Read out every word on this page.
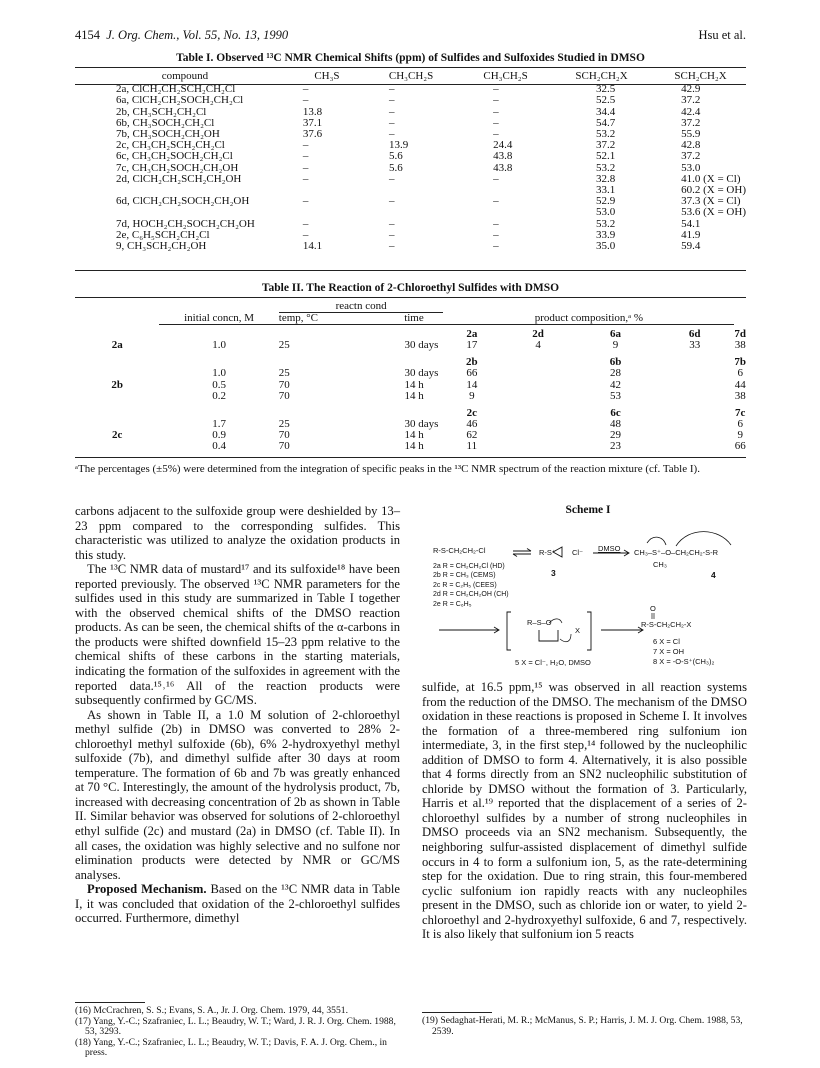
4154 J. Org. Chem., Vol. 55, No. 13, 1990	Hsu et al.
Table I. Observed ¹³C NMR Chemical Shifts (ppm) of Sulfides and Sulfoxides Studied in DMSO
compound	CH₃S	CH₃CH₂S	CH₃CH₂S	SCH₂CH₂X	SCH₂CH₂X
2a, ClCH₂CH₂SCH₂CH₂Cl	–	–	–	32.5	42.9
6a, ClCH₂CH₂SOCH₂CH₂Cl	–	–	–	52.5	37.2
2b, CH₃SCH₂CH₂Cl	13.8	–	–	34.4	42.4
6b, CH₃SOCH₂CH₂Cl	37.1	–	–	54.7	37.2
7b, CH₃SOCH₂CH₂OH	37.6	–	–	53.2	55.9
2c, CH₃CH₂SCH₂CH₂Cl	–	13.9	24.4	37.2	42.8
6c, CH₃CH₂SOCH₂CH₂Cl	–	5.6	43.8	52.1	37.2
7c, CH₃CH₂SOCH₂CH₂OH	–	5.6	43.8	53.2	53.0
2d, ClCH₂CH₂SCH₂CH₂OH	–	–	–	32.8	41.0 (X = Cl)
				33.1	60.2 (X = OH)
6d, ClCH₂CH₂SOCH₂CH₂OH	–	–	–	52.9	37.3 (X = Cl)
				53.0	53.6 (X = OH)
7d, HOCH₂CH₂SOCH₂CH₂OH	–	–	–	53.2	54.1
2e, C₆H₅SCH₂CH₂Cl	–	–	–	33.9	41.9
9, CH₃SCH₂CH₂OH	14.1	–	–	35.0	59.4
Table II. The Reaction of 2-Chloroethyl Sulfides with DMSO
		reactn cond						
	initial concn, M	temp, °C	time	product composition,ᵃ %				
				2a	2d	6a	6d	7d
2a	1.0	25	30 days	17	4	9	33	38
				2b		6b		7b
	1.0	25	30 days	66		28		6
2b	0.5	70	14 h	14		42		44
	0.2	70	14 h	9		53		38
				2c		6c		7c
	1.7	25	30 days	46		48		6
2c	0.9	70	14 h	62		29		9
	0.4	70	14 h	11		23		66
ᵃThe percentages (±5%) were determined from the integration of specific peaks in the ¹³C NMR spectrum of the reaction mixture (cf. Table I).

carbons adjacent to the sulfoxide group were deshielded by 13–23 ppm compared to the corresponding sulfides. This characteristic was utilized to analyze the oxidation products in this study.

The ¹³C NMR data of mustard¹⁷ and its sulfoxide¹⁸ have been reported previously. The observed ¹³C NMR parameters for the sulfides used in this study are summarized in Table I together with the observed chemical shifts of the DMSO reaction products. As can be seen, the chemical shifts of the α-carbons in the products were shifted downfield 15–23 ppm relative to the chemical shifts of these carbons in the starting materials, indicating the formation of the sulfoxides in agreement with the reported data.¹⁵˒¹⁶ All of the reaction products were subsequently confirmed by GC/MS.

As shown in Table II, a 1.0 M solution of 2-chloroethyl methyl sulfide (2b) in DMSO was converted to 28% 2-chloroethyl methyl sulfoxide (6b), 6% 2-hydroxyethyl methyl sulfoxide (7b), and dimethyl sulfide after 30 days at room temperature. The formation of 6b and 7b was greatly enhanced at 70 °C. Interestingly, the amount of the hydrolysis product, 7b, increased with decreasing concentration of 2b as shown in Table II. Similar behavior was observed for solutions of 2-chloroethyl ethyl sulfide (2c) and mustard (2a) in DMSO (cf. Table II). In all cases, the oxidation was highly selective and no sulfone nor elimination products were detected by NMR or GC/MS analyses.

Proposed Mechanism. Based on the ¹³C NMR data in Table I, it was concluded that oxidation of the 2-chloroethyl sulfides occurred. Furthermore, dimethyl

(16) McCrachren, S. S.; Evans, S. A., Jr. J. Org. Chem. 1979, 44, 3551.

(17) Yang, Y.-C.; Szafraniec, L. L.; Beaudry, W. T.; Ward, J. R. J. Org. Chem. 1988, 53, 3293.

(18) Yang, Y.-C.; Szafraniec, L. L.; Beaudry, W. T.; Davis, F. A. J. Org. Chem., in press.

Scheme I
R-S-CH₂CH₂-Cl	R-S⁺ Cl⁻ DMSO
3
CH₃–S⁺–O–CH₂CH₂-S-R
CH₃
4
2a R = CH₂CH₂Cl (HD)
2b R = CH₃ (CEMS)
2c R = C₂H₅ (CEES)
2d R = CH₂CH₂OH (CH)
2e R = C₆H₅
R–S–O
X
5 X = Cl⁻, H₂O, DMSO
O
R-S-CH₂CH₂-X
6 X = Cl
7 X = OH
8 X = -O-S⁺(CH₃)₂

sulfide, at 16.5 ppm,¹⁵ was observed in all reaction systems from the reduction of the DMSO. The mechanism of the DMSO oxidation in these reactions is proposed in Scheme I. It involves the formation of a three-membered ring sulfonium ion intermediate, 3, in the first step,¹⁴ followed by the nucleophilic addition of DMSO to form 4. Alternatively, it is also possible that 4 forms directly from an SN2 nucleophilic substitution of chloride by DMSO without the formation of 3. Particularly, Harris et al.¹⁹ reported that the displacement of a series of 2-chloroethyl sulfides by a number of strong nucleophiles in DMSO proceeds via an SN2 mechanism. Subsequently, the neighboring sulfur-assisted displacement of dimethyl sulfide occurs in 4 to form a sulfonium ion, 5, as the rate-determining step for the oxidation. Due to ring strain, this four-membered cyclic sulfonium ion rapidly reacts with any nucleophiles present in the DMSO, such as chloride ion or water, to yield 2-chloroethyl and 2-hydroxyethyl sulfoxide, 6 and 7, respectively. It is also likely that sulfonium ion 5 reacts

(19) Sedaghat-Herati, M. R.; McManus, S. P.; Harris, J. M. J. Org. Chem. 1988, 53, 2539.
